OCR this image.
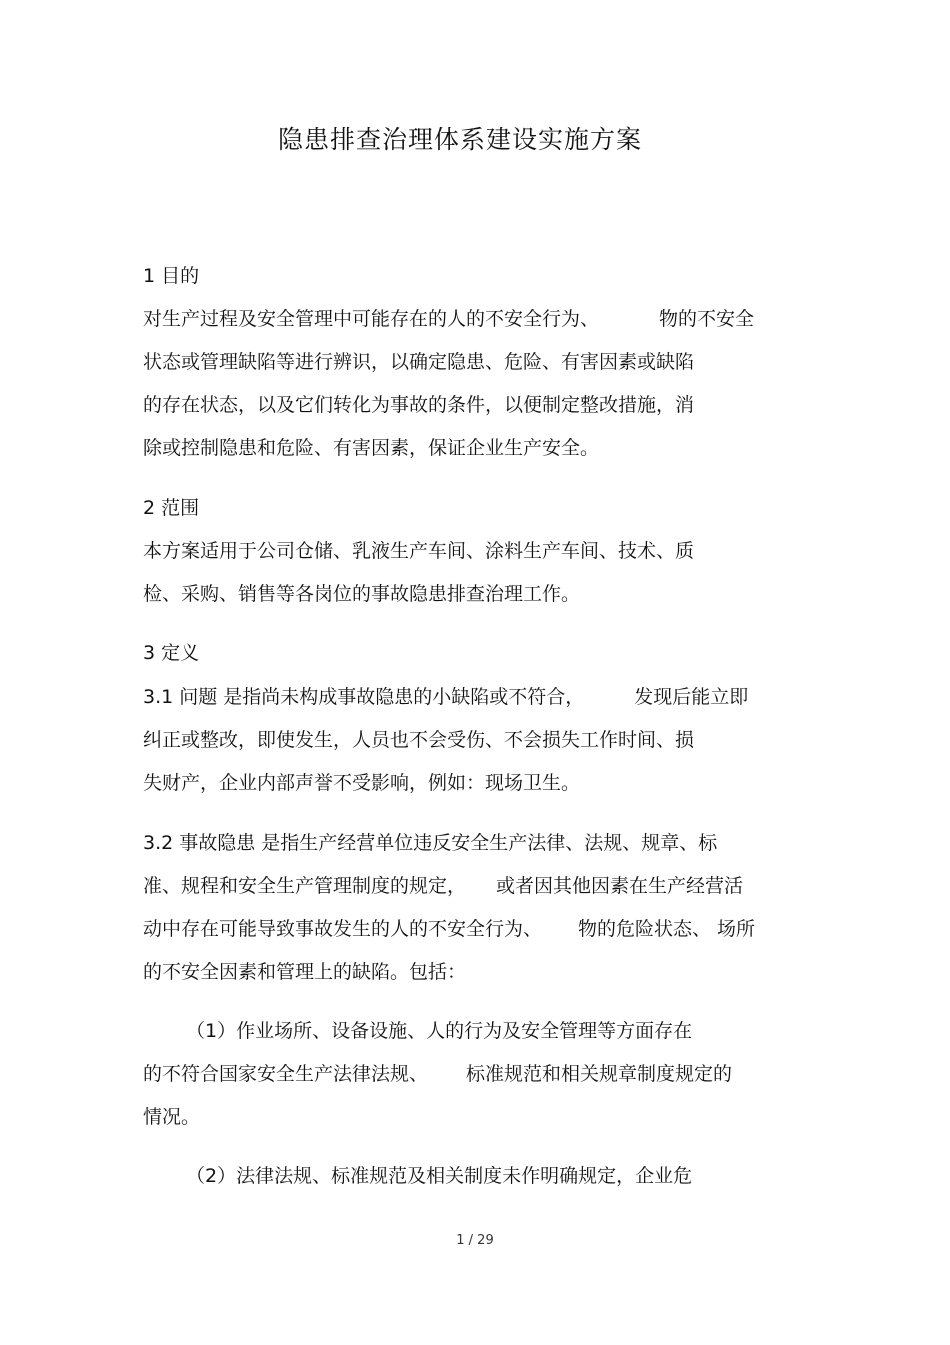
隐患排查治理体系建设实施方案

1 目的

对生产过程及安全管理中可能存在的人的不安全行为、	物的不安全

状态或管理缺陷等进行辨识，以确定隐患、危险、有害因素或缺陷

的存在状态，以及它们转化为事故的条件，以便制定整改措施，消

除或控制隐患和危险、有害因素，保证企业生产安全。

2 范围

本方案适用于公司仓储、乳液生产车间、涂料生产车间、技术、质

检、采购、销售等各岗位的事故隐患排查治理工作。

3 定义

3.1 问题 是指尚未构成事故隐患的小缺陷或不符合，	发现后能立即

纠正或整改，即使发生，人员也不会受伤、不会损失工作时间、损

失财产，企业内部声誉不受影响，例如：现场卫生。

3.2 事故隐患 是指生产经营单位违反安全生产法律、法规、规章、标

准、规程和安全生产管理制度的规定， 或者因其他因素在生产经营活

动中存在可能导致事故发生的人的不安全行为、 物的危险状态、 场所

的不安全因素和管理上的缺陷。包括：

（1）作业场所、设备设施、人的行为及安全管理等方面存在

的不符合国家安全生产法律法规、 标准规范和相关规章制度规定的

情况。

（2）法律法规、标准规范及相关制度未作明确规定，企业危

1 / 29
